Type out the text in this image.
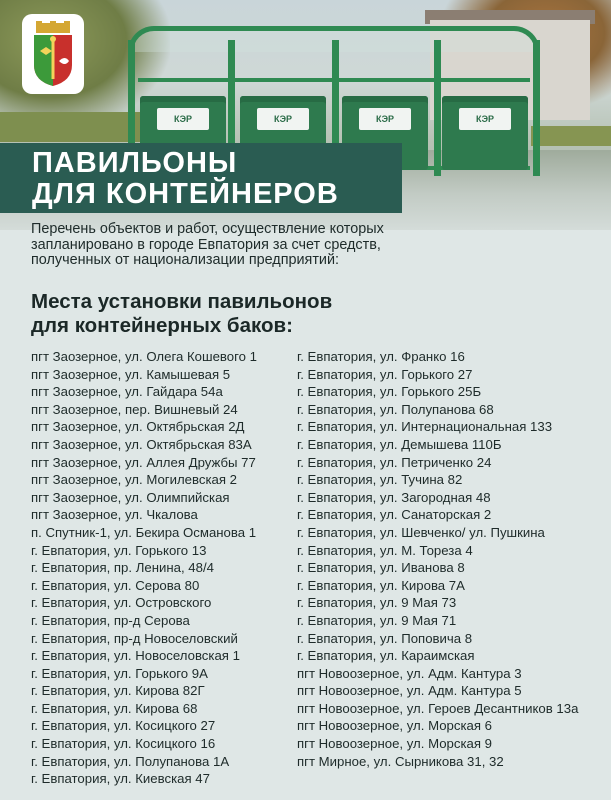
КЭР	КЭР	КЭР	КЭР
ПАВИЛЬОНЫ
ДЛЯ КОНТЕЙНЕРОВ
Перечень объектов и работ, осуществление которых
запланировано в городе Евпатория за счет средств,
полученных от национализации предприятий:
Места установки павильонов
для контейнерных баков:
пгт Заозерное, ул. Олега Кошевого 1
пгт Заозерное, ул. Камышевая 5
пгт Заозерное, ул. Гайдара 54а
пгт Заозерное, пер. Вишневый 24
пгт Заозерное, ул. Октябрьская 2Д
пгт Заозерное, ул. Октябрьская 83А
пгт Заозерное, ул. Аллея Дружбы 77
пгт Заозерное, ул. Могилевская 2
пгт Заозерное, ул. Олимпийская
пгт Заозерное, ул. Чкалова
п. Спутник-1, ул. Бекира Османова 1
г. Евпатория, ул. Горького 13
г. Евпатория, пр. Ленина, 48/4
г. Евпатория, ул. Серова 80
г. Евпатория, ул. Островского
г. Евпатория, пр-д Серова
г. Евпатория, пр-д Новоселовский
г. Евпатория, ул. Новоселовская 1
г. Евпатория, ул. Горького 9А
г. Евпатория, ул. Кирова 82Г
г. Евпатория, ул. Кирова 68
г. Евпатория, ул. Косицкого 27
г. Евпатория, ул. Косицкого 16
г. Евпатория, ул. Полупанова 1А
г. Евпатория, ул. Киевская 47
г. Евпатория, ул. Франко 16
г. Евпатория, ул. Горького 27
г. Евпатория, ул. Горького 25Б
г. Евпатория, ул. Полупанова 68
г. Евпатория, ул. Интернациональная 133
г. Евпатория, ул. Демышева 110Б
г. Евпатория, ул. Петриченко 24
г. Евпатория, ул. Тучина 82
г. Евпатория, ул. Загородная 48
г. Евпатория, ул. Санаторская 2
г. Евпатория, ул. Шевченко/ ул. Пушкина
г. Евпатория, ул. М. Тореза 4
г. Евпатория, ул. Иванова 8
г. Евпатория, ул. Кирова 7А
г. Евпатория, ул. 9 Мая 73
г. Евпатория, ул. 9 Мая 71
г. Евпатория, ул. Поповича 8
г. Евпатория, ул. Караимская
пгт Новоозерное, ул. Адм. Кантура 3
пгт Новоозерное, ул. Адм. Кантура 5
пгт Новоозерное, ул. Героев Десантников 13а
пгт Новоозерное, ул. Морская 6
пгт Новоозерное, ул. Морская 9
пгт Мирное, ул. Сырникова 31, 32
